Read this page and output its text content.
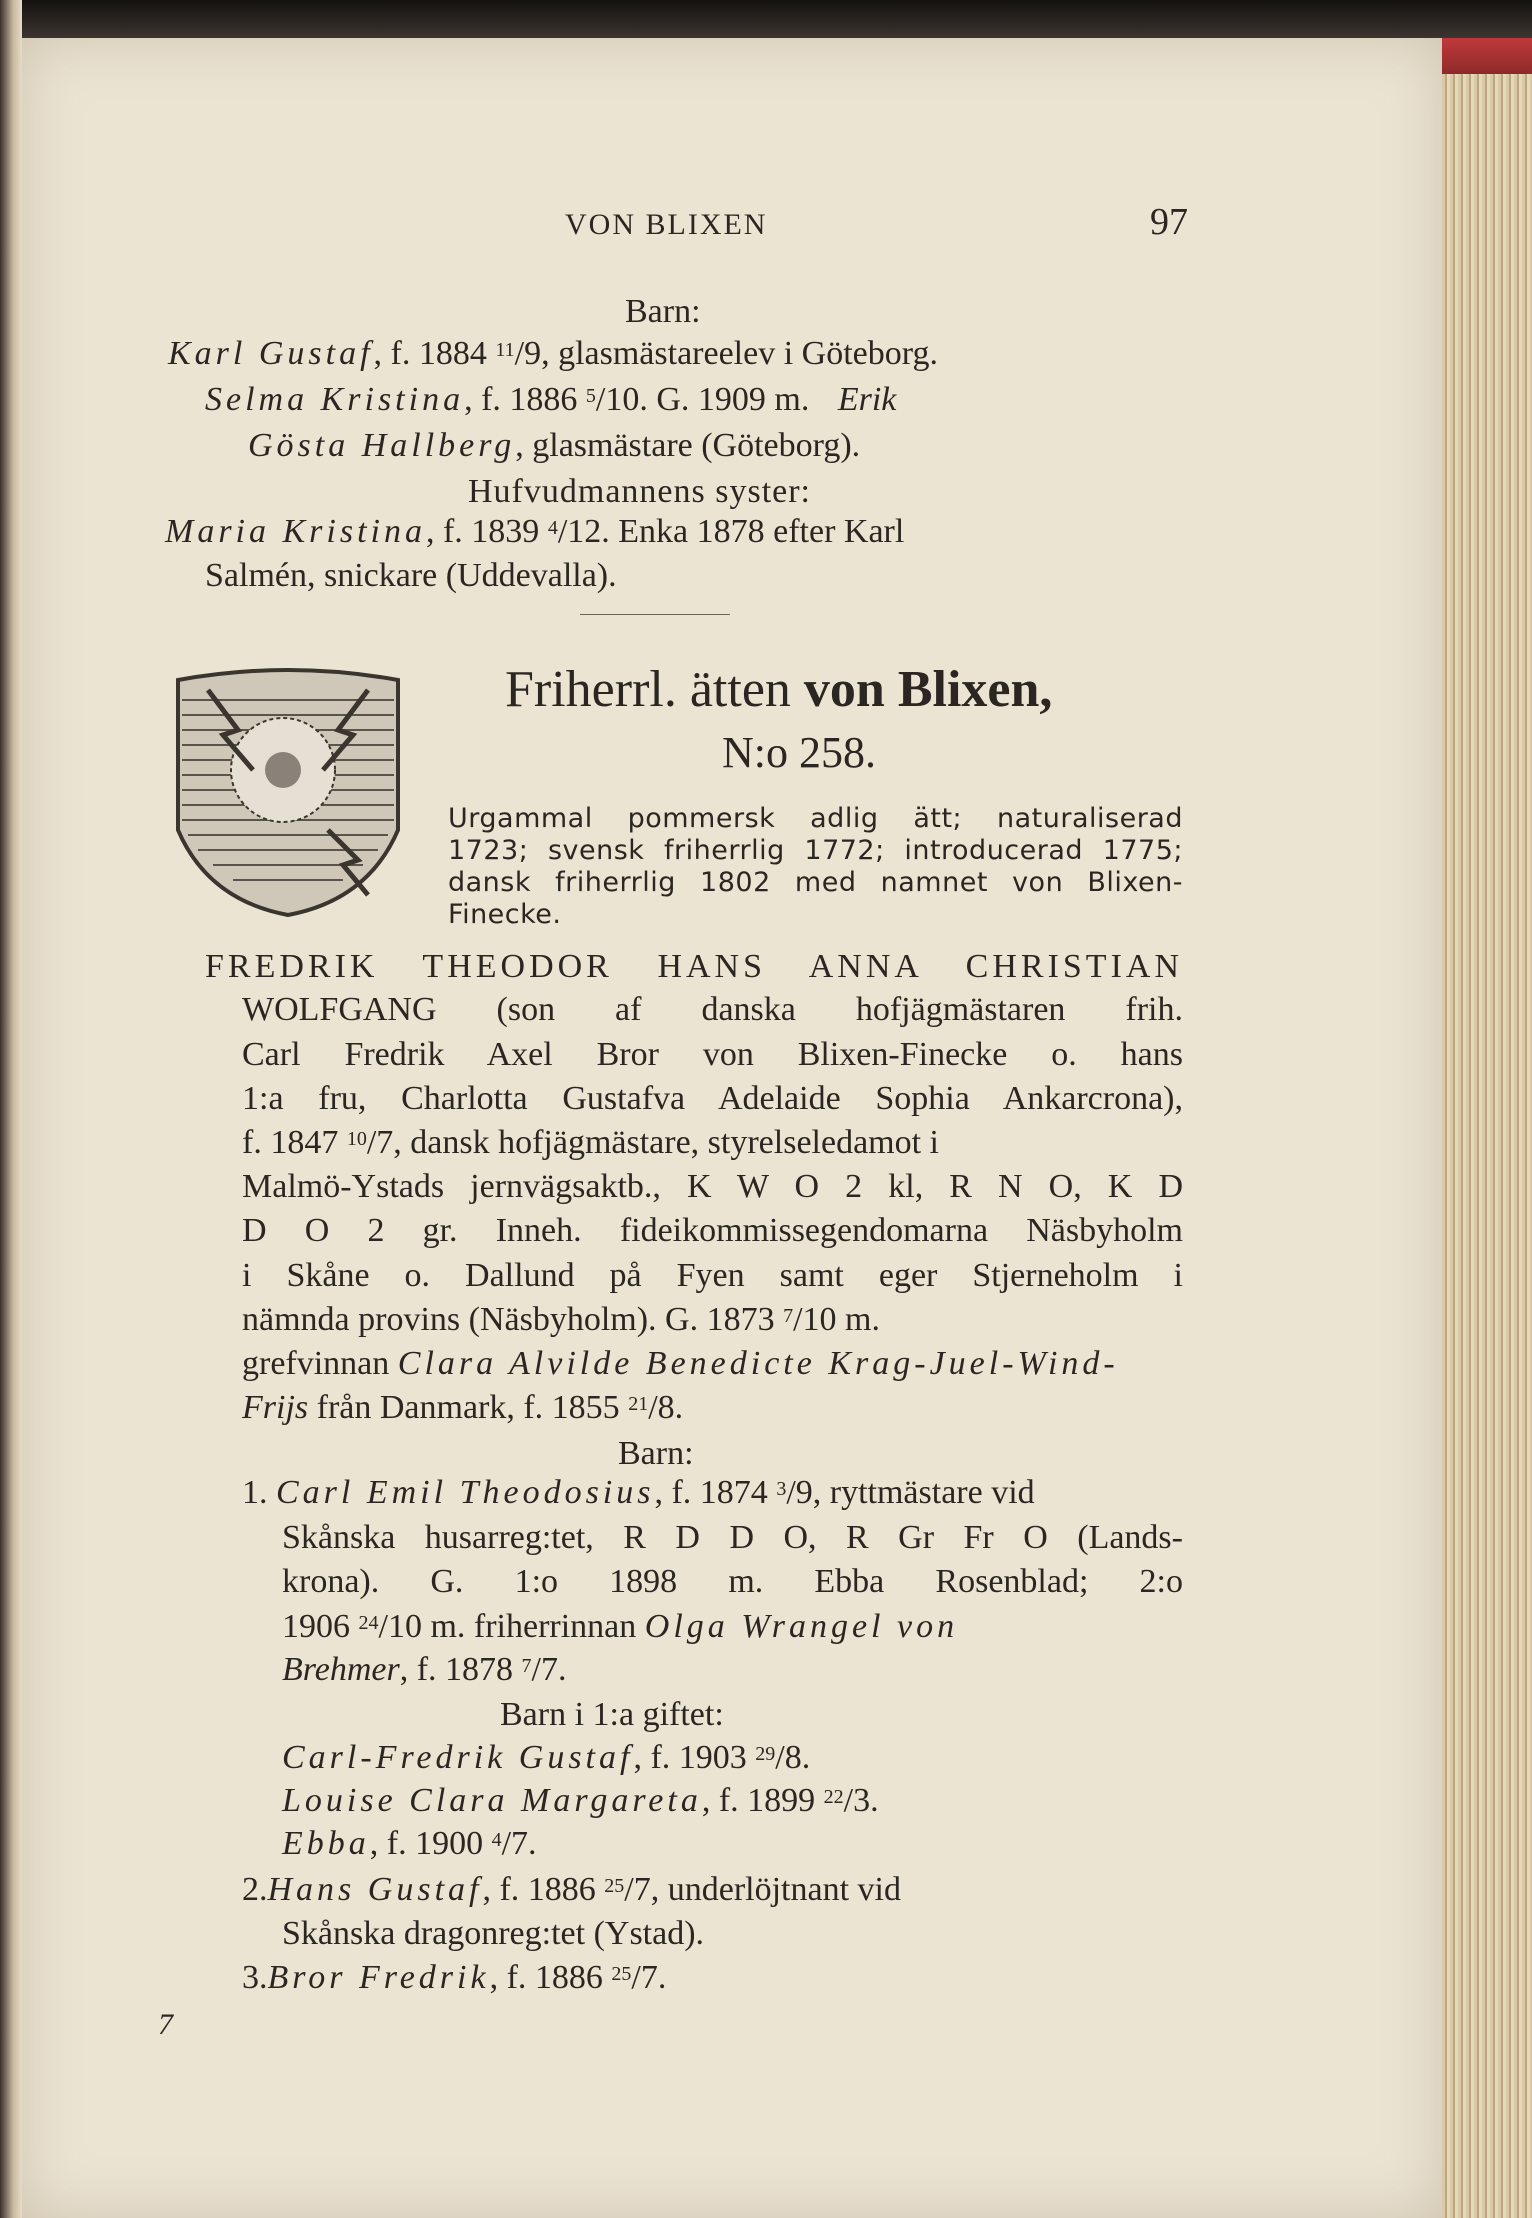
VON BLIXEN	97
Barn:
Karl Gustaf, f. 1884 $^{11}$/9, glasmästareelev i Göteborg.
Selma Kristina, f. 1886 $^5$/10. G. 1909 m. Erik
Gösta Hallberg, glasmästare (Göteborg).
Hufvudmannens syster:
Maria Kristina, f. 1839 $^4$/12. Enka 1878 efter Karl
Salmén, snickare (Uddevalla).
Friherrl. ätten von Blixen,
N:o 258.
Urgammal pommersk adlig ätt; naturaliserad
1723; svensk friherrlig 1772; introducerad 1775;
dansk friherrlig 1802 med namnet von Blixen-
Finecke.
FREDRIK THEODOR HANS ANNA CHRISTIAN
WOLFGANG (son af danska hofjägmästaren frih.
Carl Fredrik Axel Bror von Blixen-Finecke o. hans
1:a fru, Charlotta Gustafva Adelaide Sophia Ankarcrona),
f. 1847 $^{10}$/7, dansk hofjägmästare, styrelseledamot i
Malmö-Ystads jernvägsaktb., K W O 2 kl, R N O, K D
D O 2 gr. Inneh. fideikommissegendomarna Näsbyholm
i Skåne o. Dallund på Fyen samt eger Stjerneholm i
nämnda provins (Näsbyholm). G. 1873 $^7$/10 m.
grefvinnan Clara Alvilde Benedicte Krag-Juel-Wind-
Frijs från Danmark, f. 1855 $^{21}$/8.
Barn:
1. Carl Emil Theodosius, f. 1874 $^3$/9, ryttmästare vid
Skånska husarreg:tet, R D D O, R Gr Fr O (Lands-
krona). G. 1:o 1898 m. Ebba Rosenblad; 2:o
1906 $^{24}$/10 m. friherrinnan Olga Wrangel von
Brehmer, f. 1878 $^7$/7.
Barn i 1:a giftet:
Carl-Fredrik Gustaf, f. 1903 $^{29}$/8.
Louise Clara Margareta, f. 1899 $^{22}$/3.
Ebba, f. 1900 $^4$/7.
2.Hans Gustaf, f. 1886 $^{25}$/7, underlöjtnant vid
Skånska dragonreg:tet (Ystad).
3.Bror Fredrik, f. 1886 $^{25}$/7.
7
